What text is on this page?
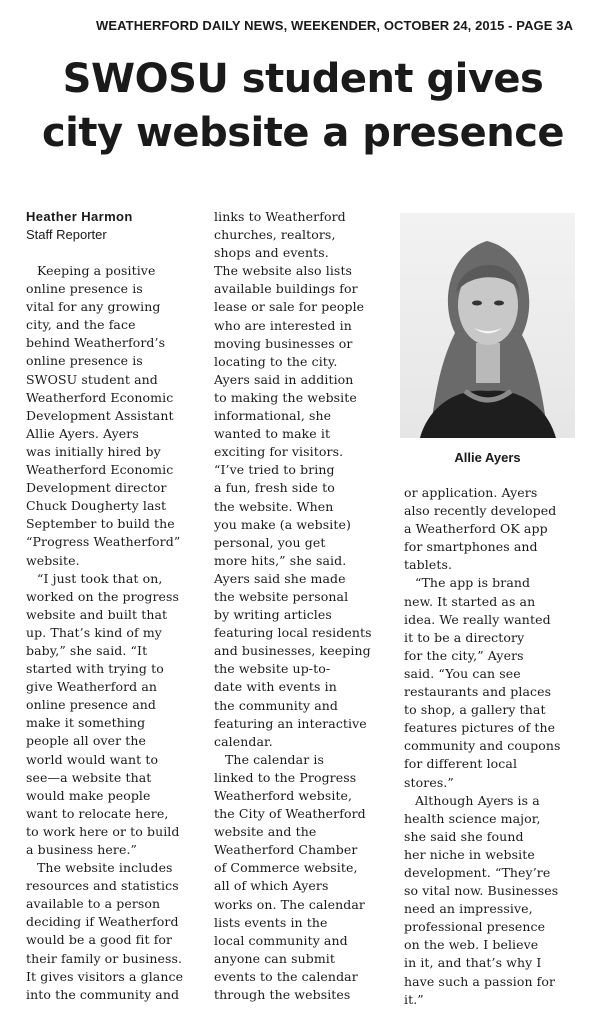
WEATHERFORD DAILY NEWS, WEEKENDER, OCTOBER 24, 2015 - PAGE 3A
SWOSU student gives
city website a presence
Heather Harmon
Staff Reporter

Keeping a positive

online presence is

vital for any growing

city, and the face

behind Weatherford’s

online presence is

SWOSU student and

Weatherford Economic

Development Assistant

Allie Ayers. Ayers

was initially hired by

Weatherford Economic

Development director

Chuck Dougherty last

September to build the

“Progress Weatherford”

website.

“I just took that on,

worked on the progress

website and built that

up. That’s kind of my

baby,” she said. “It

started with trying to

give Weatherford an

online presence and

make it something

people all over the

world would want to

see—a website that

would make people

want to relocate here,

to work here or to build

a business here.”

The website includes

resources and statistics

available to a person

deciding if Weatherford

would be a good fit for

their family or business.

It gives visitors a glance

into the community and

links to Weatherford

churches, realtors,

shops and events.

The website also lists

available buildings for

lease or sale for people

who are interested in

moving businesses or

locating to the city.

Ayers said in addition

to making the website

informational, she

wanted to make it

exciting for visitors.

“I’ve tried to bring

a fun, fresh side to

the website. When

you make (a website)

personal, you get

more hits,” she said.

Ayers said she made

the website personal

by writing articles

featuring local residents

and businesses, keeping

the website up-to-

date with events in

the community and

featuring an interactive

calendar.

The calendar is

linked to the Progress

Weatherford website,

the City of Weatherford

website and the

Weatherford Chamber

of Commerce website,

all of which Ayers

works on. The calendar

lists events in the

local community and

anyone can submit

events to the calendar

through the websites

Allie Ayers

or application. Ayers

also recently developed

a Weatherford OK app

for smartphones and

tablets.

“The app is brand

new. It started as an

idea. We really wanted

it to be a directory

for the city,” Ayers

said. “You can see

restaurants and places

to shop, a gallery that

features pictures of the

community and coupons

for different local

stores.”

Although Ayers is a

health science major,

she said she found

her niche in website

development. “They’re

so vital now. Businesses

need an impressive,

professional presence

on the web. I believe

in it, and that’s why I

have such a passion for

it.”
